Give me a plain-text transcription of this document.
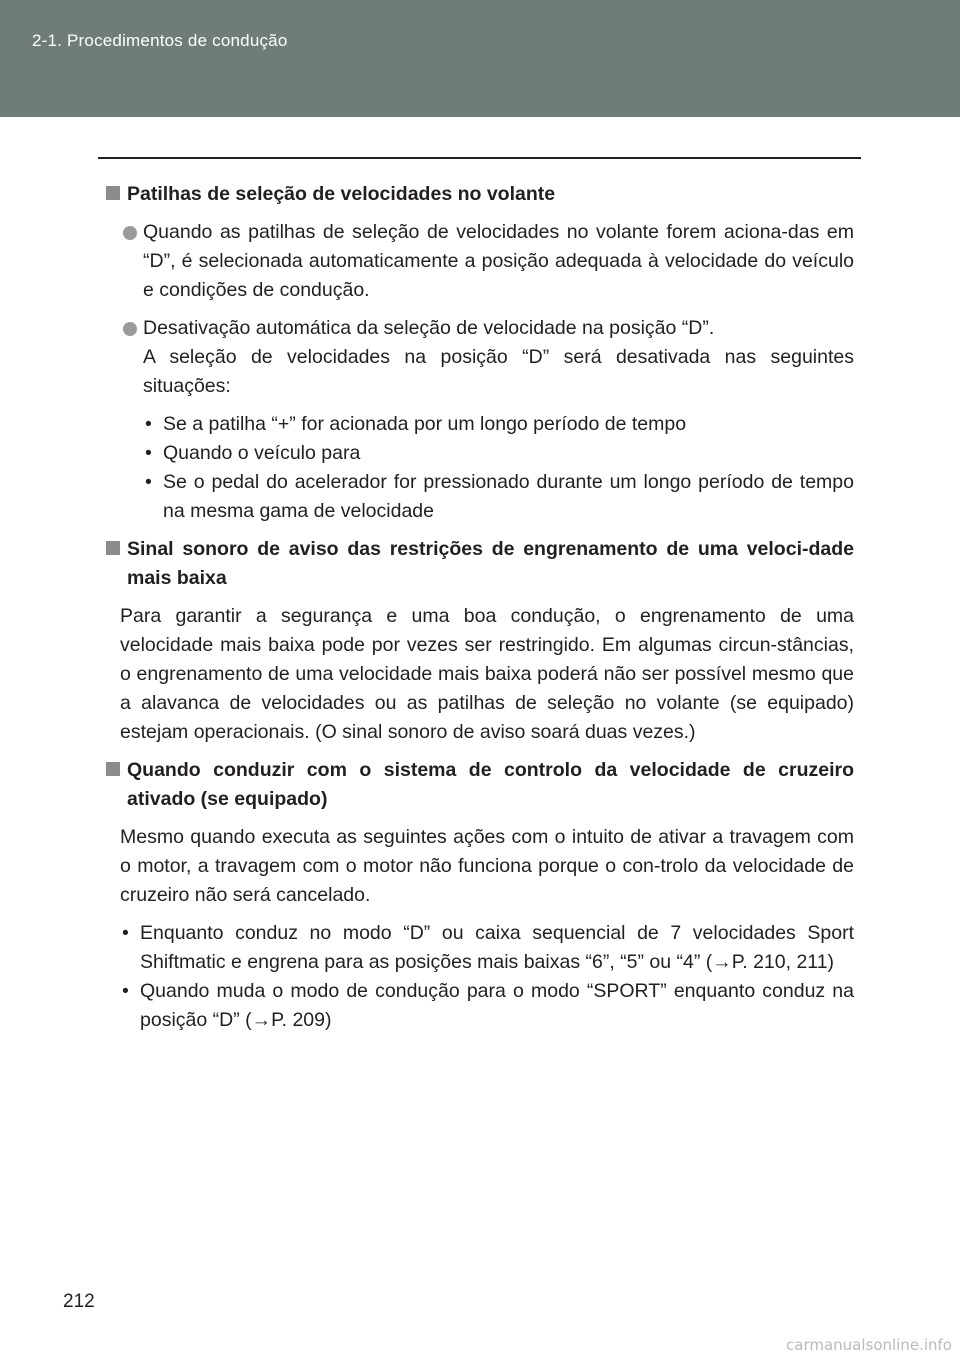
2-1. Procedimentos de condução
Patilhas de seleção de velocidades no volante
Quando as patilhas de seleção de velocidades no volante forem aciona-das em “D”, é selecionada automaticamente a posição adequada à velocidade do veículo e condições de condução.
Desativação automática da seleção de velocidade na posição “D”.
A seleção de velocidades na posição “D” será desativada nas seguintes situações:
• Se a patilha “+” for acionada por um longo período de tempo
• Quando o veículo para
• Se o pedal do acelerador for pressionado durante um longo período de tempo na mesma gama de velocidade
Sinal sonoro de aviso das restrições de engrenamento de uma veloci-dade mais baixa
Para garantir a segurança e uma boa condução, o engrenamento de uma velocidade mais baixa pode por vezes ser restringido. Em algumas circun-stâncias, o engrenamento de uma velocidade mais baixa poderá não ser possível mesmo que a alavanca de velocidades ou as patilhas de seleção no volante (se equipado) estejam operacionais. (O sinal sonoro de aviso soará duas vezes.)
Quando conduzir com o sistema de controlo da velocidade de cruzeiro ativado (se equipado)
Mesmo quando executa as seguintes ações com o intuito de ativar a travagem com o motor, a travagem com o motor não funciona porque o con-trolo da velocidade de cruzeiro não será cancelado.
• Enquanto conduz no modo “D” ou caixa sequencial de 7 velocidades Sport Shiftmatic e engrena para as posições mais baixas “6”, “5” ou “4” (→P. 210, 211)
• Quando muda o modo de condução para o modo “SPORT” enquanto conduz na posição “D” (→P. 209)
212
carmanualsonline.info
